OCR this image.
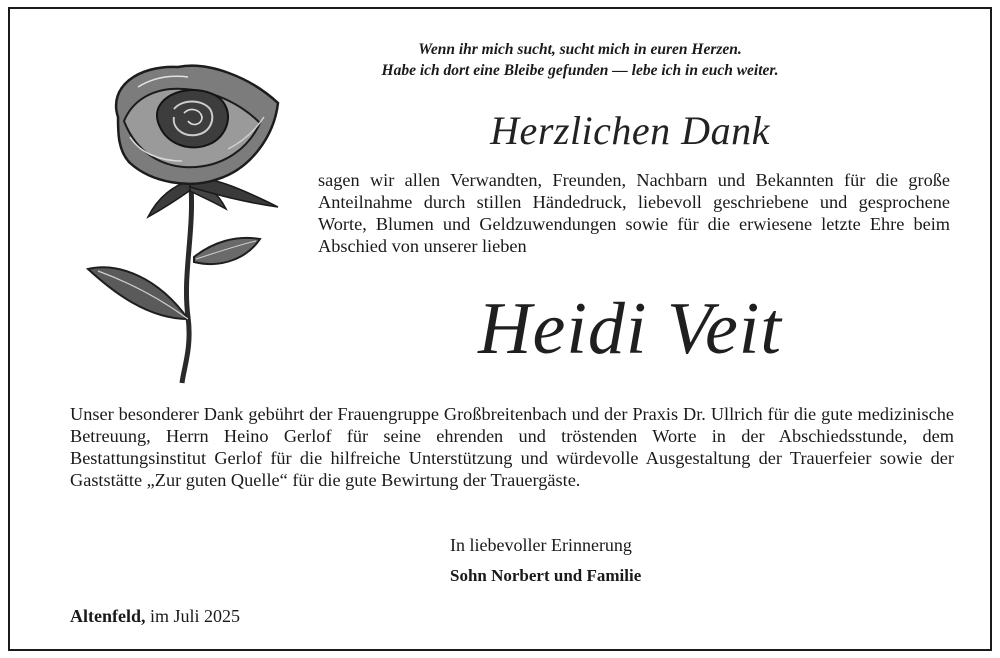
Wenn ihr mich sucht, sucht mich in euren Herzen.
Habe ich dort eine Bleibe gefunden — lebe ich in euch weiter.
Herzlichen Dank
sagen wir allen Verwandten, Freunden, Nachbarn und Bekannten für die große Anteilnahme durch stillen Händedruck, liebevoll geschriebene und gesprochene Worte, Blumen und Geldzuwendungen sowie für die erwiesene letzte Ehre beim Abschied von unserer lieben
Heidi Veit
Unser besonderer Dank gebührt der Frauengruppe Großbreitenbach und der Praxis Dr. Ullrich für die gute medizinische Betreuung, Herrn Heino Gerlof für seine ehrenden und tröstenden Worte in der Abschiedsstunde, dem Bestattungsinstitut Gerlof für die hilfreiche Unterstützung und würdevolle Ausgestaltung der Trauerfeier sowie der Gaststätte „Zur guten Quelle“ für die gute Bewirtung der Trauergäste.
In liebevoller Erinnerung
Sohn Norbert und Familie
Altenfeld, im Juli 2025
